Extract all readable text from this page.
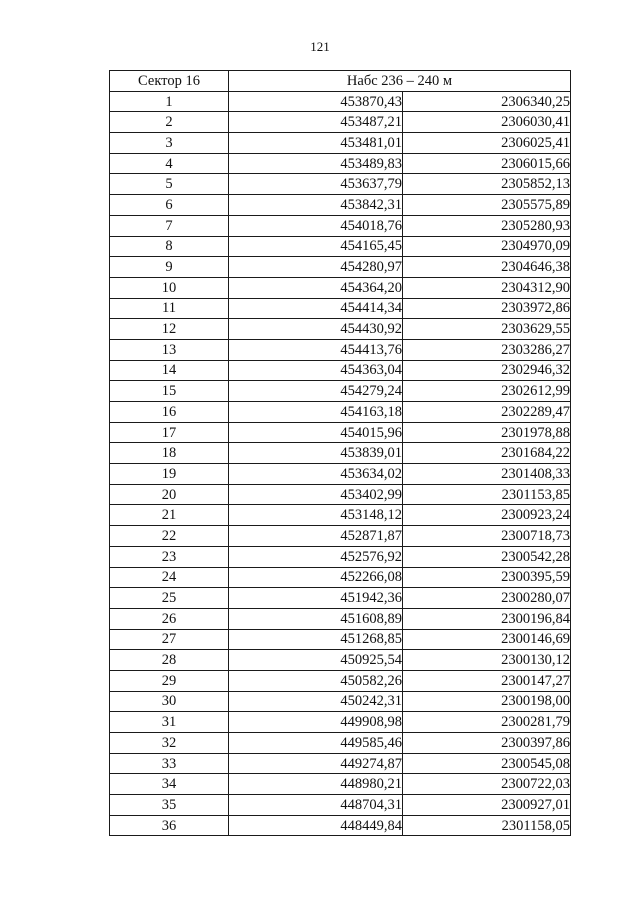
121
Сектор 16	Набс 236 – 240 м	
1	453870,43	2306340,25
2	453487,21	2306030,41
3	453481,01	2306025,41
4	453489,83	2306015,66
5	453637,79	2305852,13
6	453842,31	2305575,89
7	454018,76	2305280,93
8	454165,45	2304970,09
9	454280,97	2304646,38
10	454364,20	2304312,90
11	454414,34	2303972,86
12	454430,92	2303629,55
13	454413,76	2303286,27
14	454363,04	2302946,32
15	454279,24	2302612,99
16	454163,18	2302289,47
17	454015,96	2301978,88
18	453839,01	2301684,22
19	453634,02	2301408,33
20	453402,99	2301153,85
21	453148,12	2300923,24
22	452871,87	2300718,73
23	452576,92	2300542,28
24	452266,08	2300395,59
25	451942,36	2300280,07
26	451608,89	2300196,84
27	451268,85	2300146,69
28	450925,54	2300130,12
29	450582,26	2300147,27
30	450242,31	2300198,00
31	449908,98	2300281,79
32	449585,46	2300397,86
33	449274,87	2300545,08
34	448980,21	2300722,03
35	448704,31	2300927,01
36	448449,84	2301158,05
